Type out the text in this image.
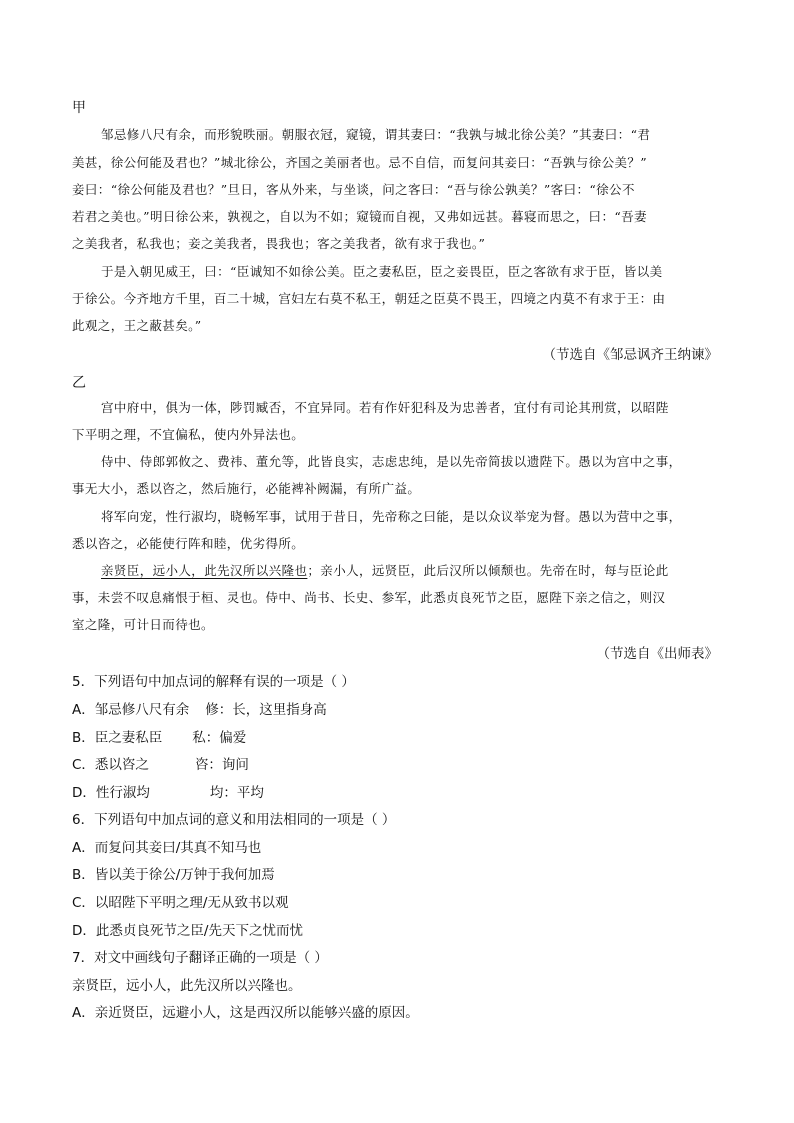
甲
邹忌修八尺有余，而形貌昳丽。朝服衣冠，窥镜，谓其妻曰：“我孰与城北徐公美？”其妻曰：“君
美甚，徐公何能及君也？”城北徐公，齐国之美丽者也。忌不自信，而复问其妾曰：“吾孰与徐公美？”
妾曰：“徐公何能及君也？”旦日，客从外来，与坐谈，问之客曰：“吾与徐公孰美？”客曰：“徐公不
若君之美也。”明日徐公来，孰视之，自以为不如；窥镜而自视，又弗如远甚。暮寝而思之，曰：“吾妻
之美我者，私我也；妾之美我者，畏我也；客之美我者，欲有求于我也。”
于是入朝见威王，曰：“臣诚知不如徐公美。臣之妻私臣，臣之妾畏臣，臣之客欲有求于臣，皆以美
于徐公。今齐地方千里，百二十城，宫妇左右莫不私王，朝廷之臣莫不畏王，四境之内莫不有求于王：由
此观之，王之蔽甚矣。”
（节选自《邹忌讽齐王纳谏》
乙
宫中府中，俱为一体，陟罚臧否，不宜异同。若有作奸犯科及为忠善者，宜付有司论其刑赏，以昭陛
下平明之理，不宜偏私，使内外异法也。
侍中、侍郎郭攸之、费祎、董允等，此皆良实，志虑忠纯，是以先帝简拔以遗陛下。愚以为宫中之事，
事无大小，悉以咨之，然后施行，必能裨补阙漏，有所广益。
将军向宠，性行淑均，晓畅军事，试用于昔日，先帝称之曰能，是以众议举宠为督。愚以为营中之事，
悉以咨之，必能使行阵和睦，优劣得所。
亲贤臣，远小人，此先汉所以兴隆也 ；亲小人，远贤臣，此后汉所以倾颓也。先帝在时，每与臣论此
事，未尝不叹息痛恨于桓、灵也。侍中、尚书、长史、参军，此悉贞良死节之臣，愿陛下亲之信之，则汉
室之隆，可计日而待也。
（节选自《出师表》
5．下列语句中加点词的解释有误的一项是（ ）
A．邹忌修八尺有余 修：长，这里指身高
B．臣之妻私臣 私：偏爱
C．悉以咨之	咨：询问
D．性行淑均	均：平均
6．下列语句中加点词的意义和用法相同的一项是（ ）
A．而复问其妾曰/其真不知马也
B．皆以美于徐公/万钟于我何加焉
C．以昭陛下平明之理/无从致书以观
D．此悉贞良死节之臣/先天下之忧而忧
7．对文中画线句子翻译正确的一项是（ ）
亲贤臣，远小人，此先汉所以兴隆也。
A．亲近贤臣，远避小人，这是西汉所以能够兴盛的原因。
